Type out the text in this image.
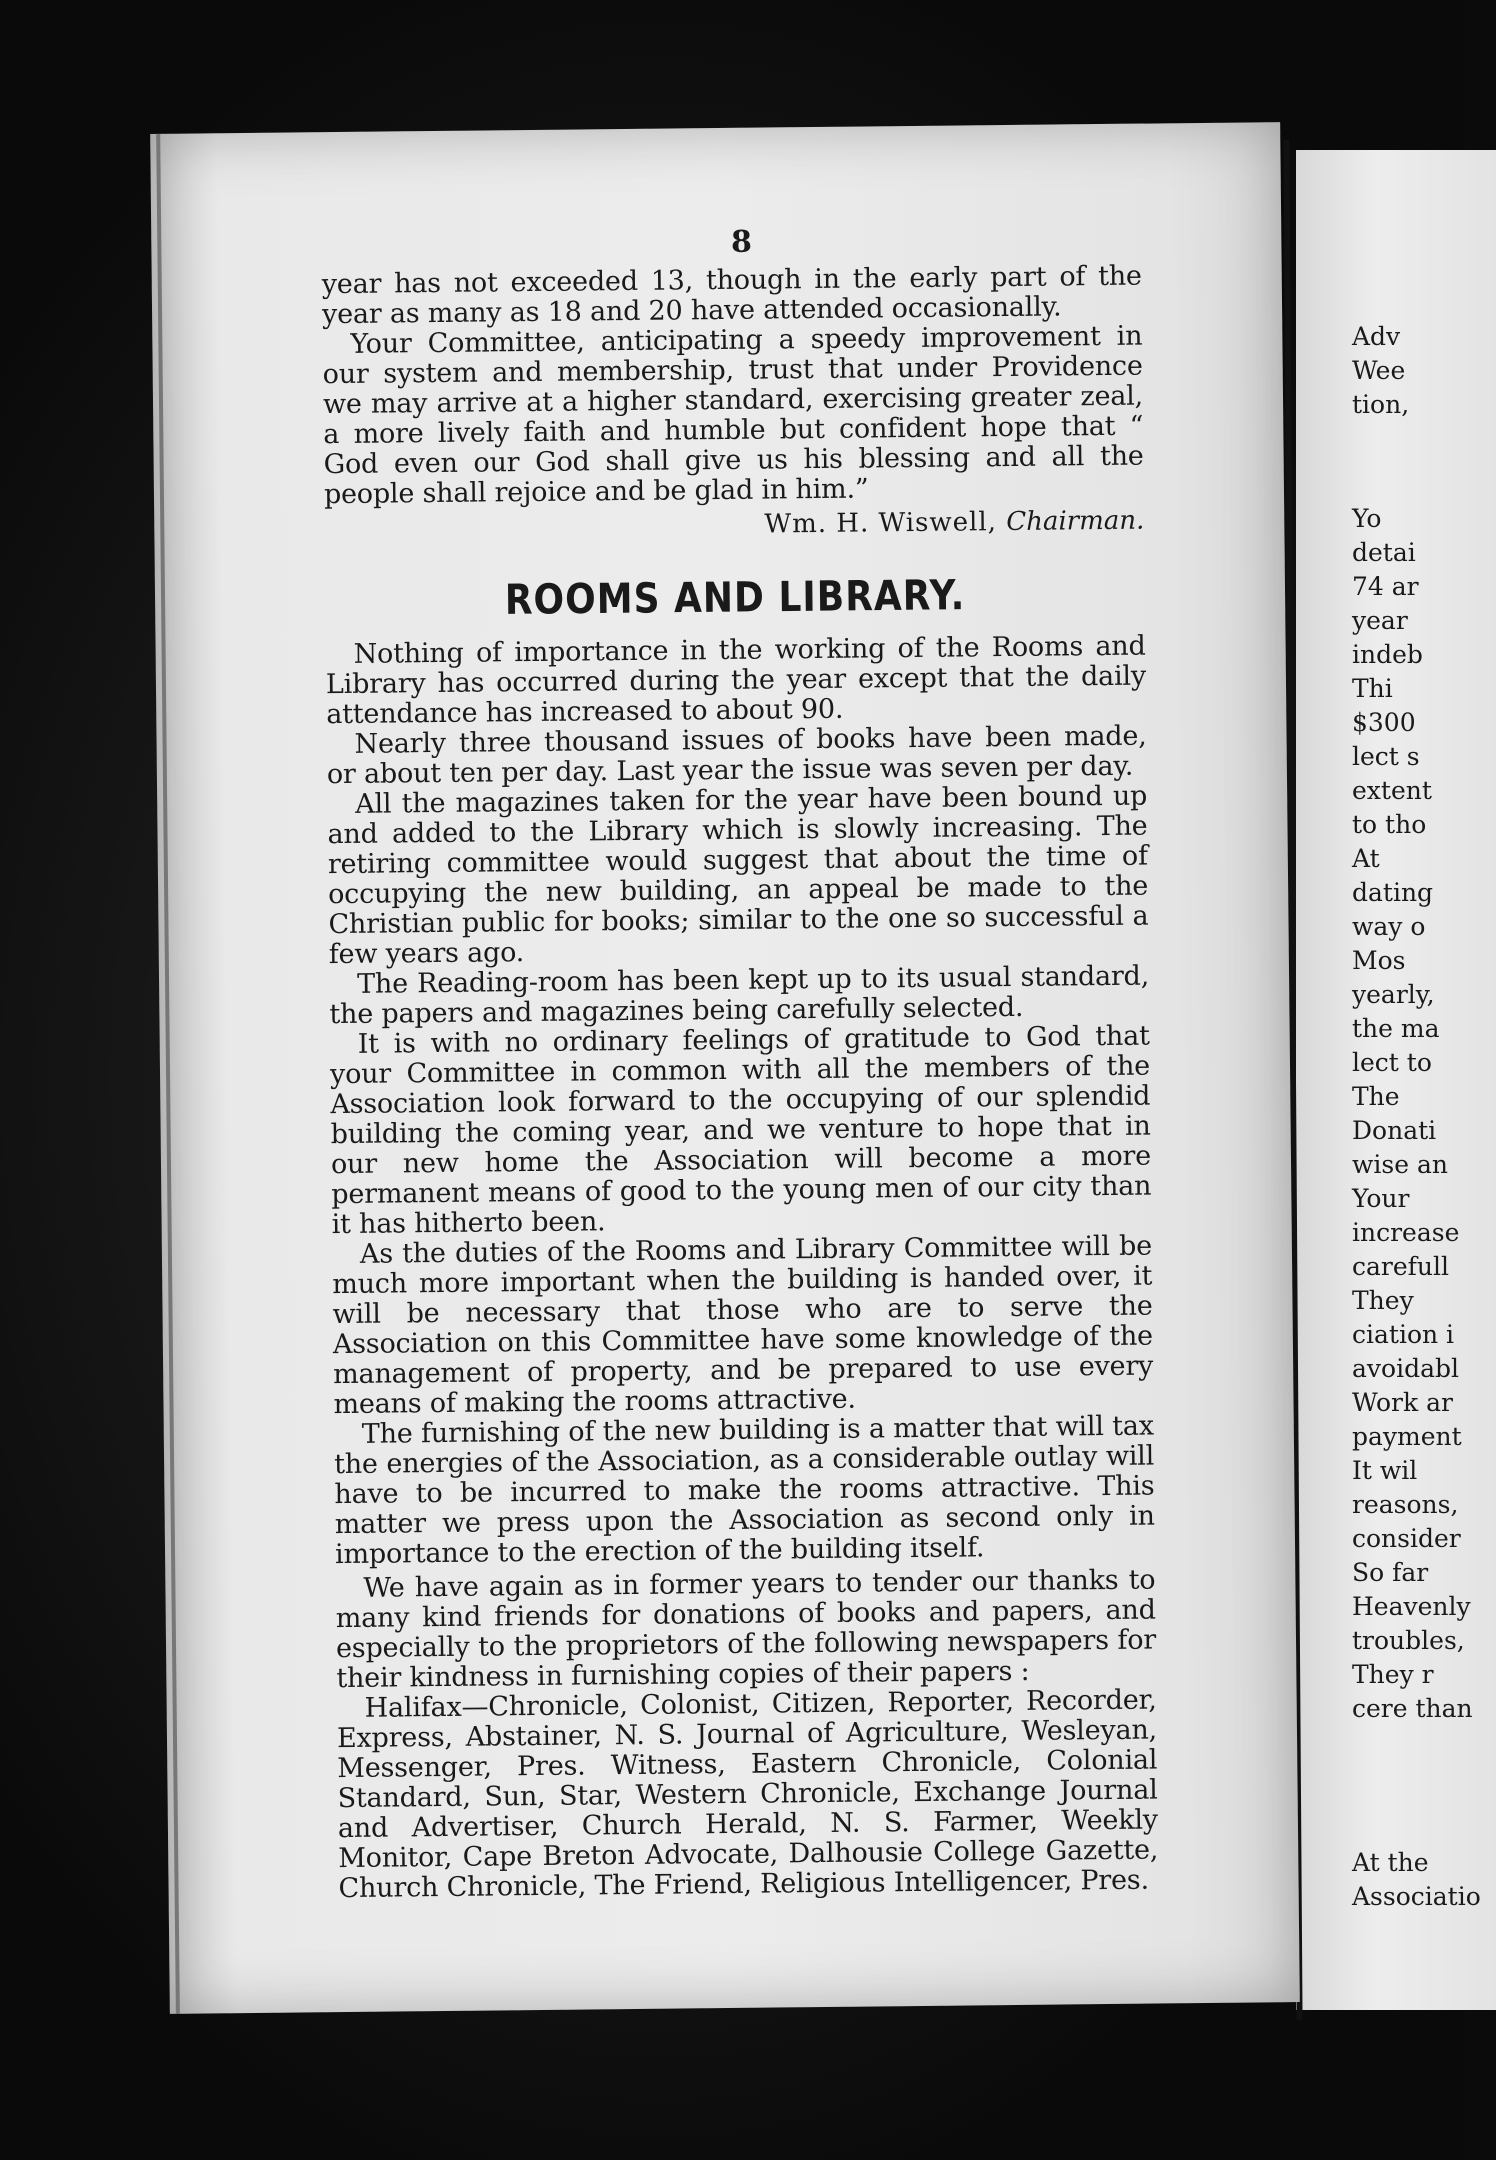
Adv
Wee
tion,
Yo
detai
74 ar
year
indeb
Thi
$300
lect s
extent
to tho
At
dating
way o
Mos
yearly,
the ma
lect to
The
Donati
wise an
Your
increase
carefull
They
ciation i
avoidabl
Work ar
payment
It wil
reasons,
consider
So far
Heavenly
troubles,
They r
cere than
At the
Associatio
8

year has not exceeded 13, though in the early part of the year as many as 18 and 20 have attended occasionally.

Your Committee, anticipating a speedy improvement in our system and membership, trust that under Providence we may arrive at a higher standard, exercising greater zeal, a more lively faith and humble but confident hope that “ God even our God shall give us his blessing and all the people shall rejoice and be glad in him.”

Wm. H. Wiswell, Chairman.

ROOMS AND LIBRARY.

Nothing of importance in the working of the Rooms and Library has occurred during the year except that the daily attendance has increased to about 90.

Nearly three thousand issues of books have been made, or about ten per day. Last year the issue was seven per day.

All the magazines taken for the year have been bound up and added to the Library which is slowly increasing. The retiring committee would suggest that about the time of occupying the new building, an appeal be made to the Christian public for books; similar to the one so successful a few years ago.

The Reading-room has been kept up to its usual standard, the papers and magazines being carefully selected.

It is with no ordinary feelings of gratitude to God that your Committee in common with all the members of the Association look forward to the occupying of our splendid building the coming year, and we venture to hope that in our new home the Association will become a more permanent means of good to the young men of our city than it has hitherto been.

As the duties of the Rooms and Library Committee will be much more important when the building is handed over, it will be necessary that those who are to serve the Association on this Committee have some knowledge of the management of property, and be prepared to use every means of making the rooms attractive.

The furnishing of the new building is a matter that will tax the energies of the Association, as a considerable outlay will have to be incurred to make the rooms attractive. This matter we press upon the Association as second only in importance to the erection of the building itself.

We have again as in former years to tender our thanks to many kind friends for donations of books and papers, and especially to the proprietors of the following newspapers for their kindness in furnishing copies of their papers :

Halifax—Chronicle, Colonist, Citizen, Reporter, Recorder, Express, Abstainer, N. S. Journal of Agriculture, Wesleyan, Messenger, Pres. Witness, Eastern Chronicle, Colonial Standard, Sun, Star, Western Chronicle, Exchange Journal and Advertiser, Church Herald, N. S. Farmer, Weekly Monitor, Cape Breton Advocate, Dalhousie College Gazette, Church Chronicle, The Friend, Religious Intelligencer, Pres.
